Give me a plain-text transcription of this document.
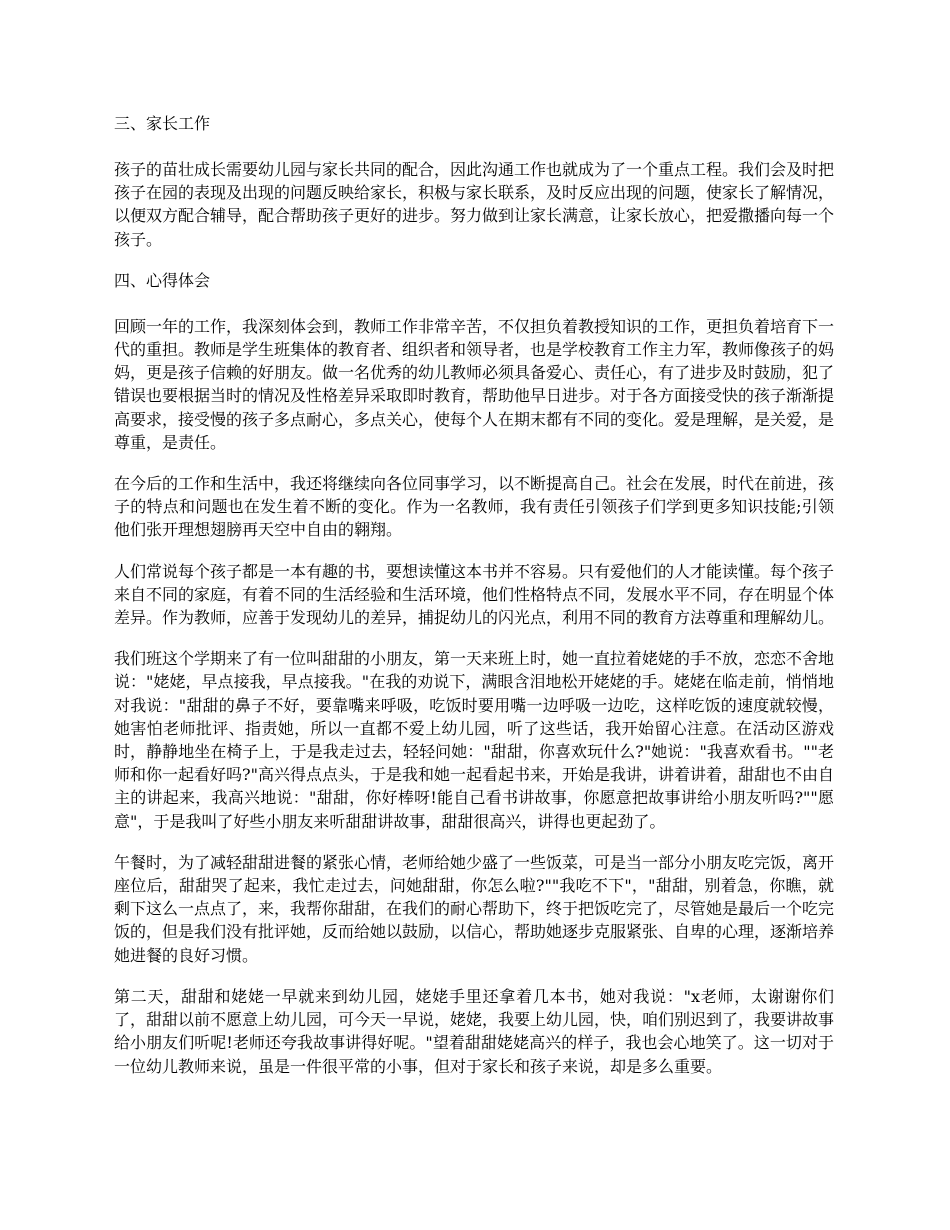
三、家长工作

孩子的苗壮成长需要幼儿园与家长共同的配合，因此沟通工作也就成为了一个重点工程。我们会及时把孩子在园的表现及出现的问题反映给家长，积极与家长联系，及时反应出现的问题，使家长了解情况，以便双方配合辅导，配合帮助孩子更好的进步。努力做到让家长满意，让家长放心，把爱撒播向每一个孩子。

四、心得体会

回顾一年的工作，我深刻体会到，教师工作非常辛苦，不仅担负着教授知识的工作，更担负着培育下一代的重担。教师是学生班集体的教育者、组织者和领导者，也是学校教育工作主力军，教师像孩子的妈妈，更是孩子信赖的好朋友。做一名优秀的幼儿教师必须具备爱心、责任心，有了进步及时鼓励，犯了错误也要根据当时的情况及性格差异采取即时教育，帮助他早日进步。对于各方面接受快的孩子渐渐提高要求，接受慢的孩子多点耐心，多点关心，使每个人在期末都有不同的变化。爱是理解，是关爱，是尊重，是责任。

在今后的工作和生活中，我还将继续向各位同事学习，以不断提高自己。社会在发展，时代在前进，孩子的特点和问题也在发生着不断的变化。作为一名教师，我有责任引领孩子们学到更多知识技能;引领他们张开理想翅膀再天空中自由的翱翔。

人们常说每个孩子都是一本有趣的书，要想读懂这本书并不容易。只有爱他们的人才能读懂。每个孩子来自不同的家庭，有着不同的生活经验和生活环境，他们性格特点不同，发展水平不同，存在明显个体差异。作为教师，应善于发现幼儿的差异，捕捉幼儿的闪光点，利用不同的教育方法尊重和理解幼儿。

我们班这个学期来了有一位叫甜甜的小朋友，第一天来班上时，她一直拉着姥姥的手不放，恋恋不舍地说："姥姥，早点接我，早点接我。"在我的劝说下，满眼含泪地松开姥姥的手。姥姥在临走前，悄悄地对我说："甜甜的鼻子不好，要靠嘴来呼吸，吃饭时要用嘴一边呼吸一边吃，这样吃饭的速度就较慢，她害怕老师批评、指责她，所以一直都不爱上幼儿园，听了这些话，我开始留心注意。在活动区游戏时，静静地坐在椅子上，于是我走过去，轻轻问她："甜甜，你喜欢玩什么?"她说："我喜欢看书。""老师和你一起看好吗?"高兴得点点头，于是我和她一起看起书来，开始是我讲，讲着讲着，甜甜也不由自主的讲起来，我高兴地说："甜甜，你好棒呀!能自己看书讲故事，你愿意把故事讲给小朋友听吗?""愿意"，于是我叫了好些小朋友来听甜甜讲故事，甜甜很高兴，讲得也更起劲了。

午餐时，为了减轻甜甜进餐的紧张心情，老师给她少盛了一些饭菜，可是当一部分小朋友吃完饭，离开座位后，甜甜哭了起来，我忙走过去，问她甜甜，你怎么啦?""我吃不下"，"甜甜，别着急，你瞧，就剩下这么一点点了，来，我帮你甜甜，在我们的耐心帮助下，终于把饭吃完了，尽管她是最后一个吃完饭的，但是我们没有批评她，反而给她以鼓励，以信心，帮助她逐步克服紧张、自卑的心理，逐渐培养她进餐的良好习惯。

第二天，甜甜和姥姥一早就来到幼儿园，姥姥手里还拿着几本书，她对我说："x老师，太谢谢你们了，甜甜以前不愿意上幼儿园，可今天一早说，姥姥，我要上幼儿园，快，咱们别迟到了，我要讲故事给小朋友们听呢!老师还夸我故事讲得好呢。"望着甜甜姥姥高兴的样子，我也会心地笑了。这一切对于一位幼儿教师来说，虽是一件很平常的小事，但对于家长和孩子来说，却是多么重要。
